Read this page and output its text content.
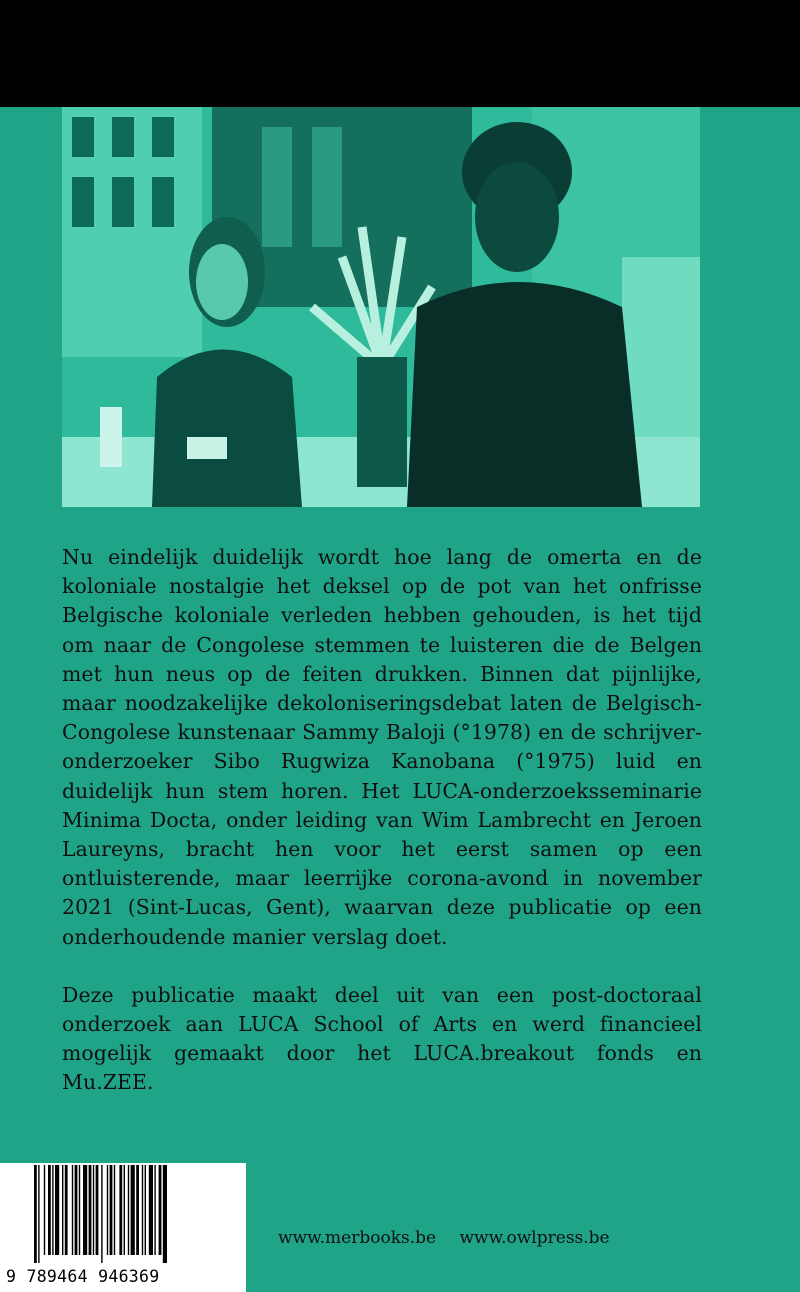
Nu eindelijk duidelijk wordt hoe lang de omerta en de koloniale nostalgie het deksel op de pot van het onfrisse Belgische koloniale verleden hebben gehouden, is het tijd om naar de Congolese stemmen te luisteren die de Belgen met hun neus op de feiten drukken. Binnen dat pijnlijke, maar noodzakelijke dekoloniseringsdebat laten de Belgisch-Congolese kunstenaar Sammy Baloji (°1978) en de schrijver-onderzoeker Sibo Rugwiza Kanobana (°1975) luid en duidelijk hun stem horen. Het LUCA-onderzoeksseminarie Minima Docta, onder leiding van Wim Lambrecht en Jeroen Laureyns, bracht hen voor het eerst samen op een ontluisterende, maar leerrijke corona-avond in november 2021 (Sint-Lucas, Gent), waarvan deze publicatie op een onderhoudende manier verslag doet.

Deze publicatie maakt deel uit van een post-doctoraal onderzoek aan LUCA School of Arts en werd financieel mogelijk gemaakt door het LUCA.breakout fonds en Mu.ZEE.

9 789464 946369
www.merbooks.be www.owlpress.be
